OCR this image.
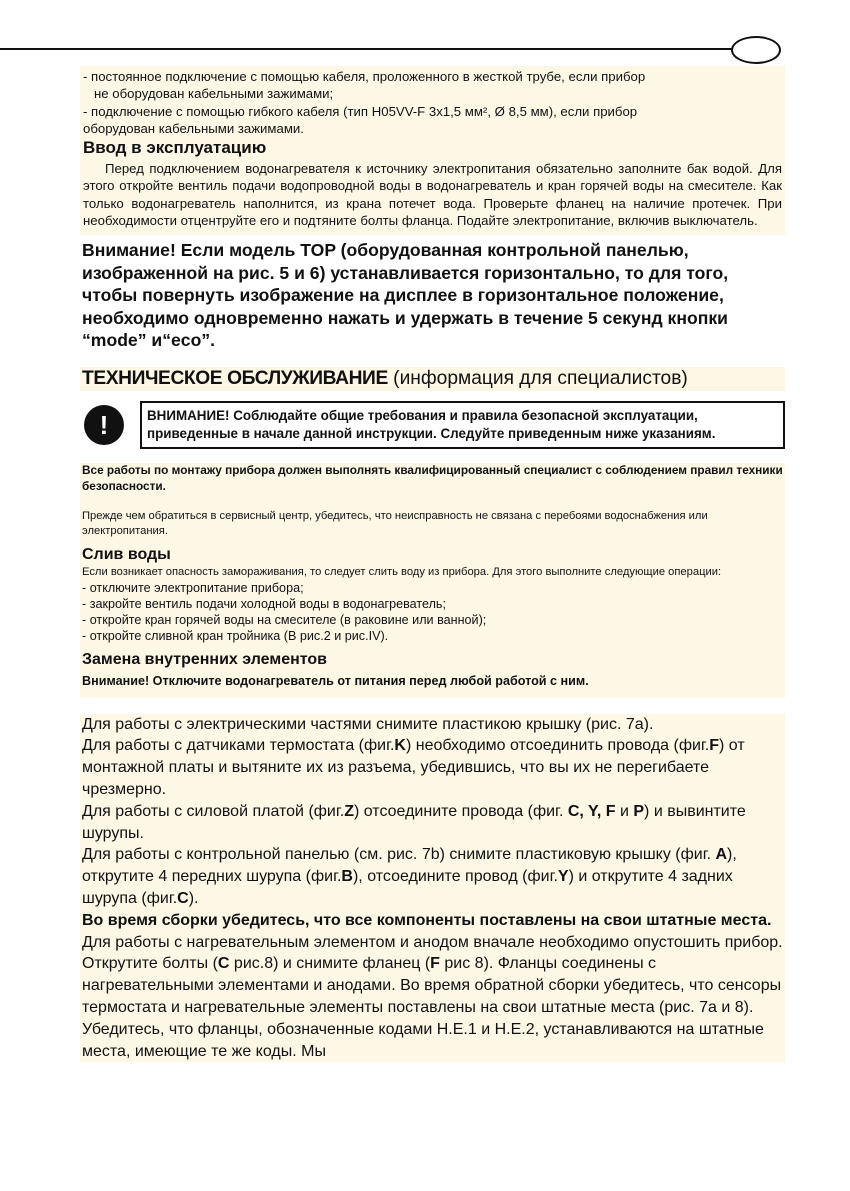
- постоянное подключение с помощью кабеля, проложенного в жесткой трубе, если прибор

не оборудован кабельными зажимами;

- подключение с помощью гибкого кабеля (тип H05VV-F 3х1,5 мм², Ø 8,5 мм), если прибор

оборудован кабельными зажимами.

Ввод в эксплуатацию

Перед подключением водонагревателя к источнику электропитания обязательно заполните бак водой. Для этого откройте вентиль подачи водопроводной воды в водонагреватель и кран горячей воды на смесителе. Как только водонагреватель наполнится, из крана потечет вода. Проверьте фланец на наличие протечек. При необходимости отцентруйте его и подтяните болты фланца. Подайте электропитание, включив выключатель.

Внимание! Если модель TOP (оборудованная контрольной панелью, изображенной на рис. 5 и 6) устанавливается горизонтально, то для того, чтобы повернуть изображение на дисплее в горизонтальное положение, необходимо одновременно нажать и удержать в течение 5 секунд кнопки “mode” и“eco”.
ТЕХНИЧЕСКОЕ ОБСЛУЖИВАНИЕ (информация для специалистов)
!	ВНИМАНИЕ! Соблюдайте общие требования и правила безопасной эксплуатации, приведенные в начале данной инструкции. Следуйте приведенным ниже указаниям.
Все работы по монтажу прибора должен выполнять квалифицированный специалист с соблюдением правил техники безопасности.
Прежде чем обратиться в сервисный центр, убедитесь, что неисправность не связана с перебоями водоснабжения или электропитания.
Слив воды
Если возникает опасность замораживания, то следует слить воду из прибора. Для этого выполните следующие операции:
- отключите электропитание прибора;
- закройте вентиль подачи холодной воды в водонагреватель;
- откройте кран горячей воды на смесителе (в раковине или ванной);
- откройте сливной кран тройника (B рис.2 и рис.IV).
Замена внутренних элементов
Внимание! Отключите водонагреватель от питания перед любой работой с ним.

Для работы с электрическими частями снимите пластикою крышку (рис. 7а).

Для работы с датчиками термостата (фиг.K) необходимо отсоединить провода (фиг.F) от монтажной платы и вытяните их из разъема, убедившись, что вы их не перегибаете чрезмерно.

Для работы с силовой платой (фиг.Z) отсоедините провода (фиг. C, Y, F и P) и вывинтите шурупы.

Для работы с контрольной панелью (см. рис. 7b) снимите пластиковую крышку (фиг. A), открутите 4 передних шурупа (фиг.B), отсоедините провод (фиг.Y) и открутите 4 задних шурупа (фиг.C).

Во время сборки убедитесь, что все компоненты поставлены на свои штатные места.

Для работы с нагревательным элементом и анодом вначале необходимо опустошить прибор.

Открутите болты (C рис.8) и снимите фланец (F рис 8). Фланцы соединены с нагревательными элементами и анодами. Во время обратной сборки убедитесь, что сенсоры термостата и нагревательные элементы поставлены на свои штатные места (рис. 7а и 8). Убедитесь, что фланцы, обозначенные кодами H.E.1 и H.E.2, устанавливаются на штатные места, имеющие те же коды. Мы
